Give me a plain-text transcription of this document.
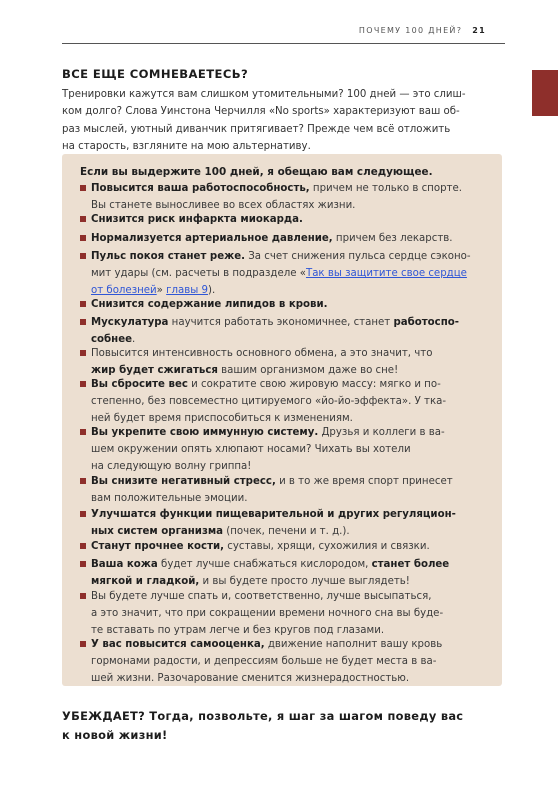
ПОЧЕМУ 100 ДНЕЙ? 21
ВСЕ ЕЩЕ СОМНЕВАЕТЕСЬ?
Тренировки кажутся вам слишком утомительными? 100 дней — это слиш-
ком долго? Слова Уинстона Черчилля «No sports» характеризуют ваш об-
раз мыслей, уютный диванчик притягивает? Прежде чем всё отложить
на старость, взгляните на мою альтернативу.
Если вы выдержите 100 дней, я обещаю вам следующее.
Повысится ваша работоспособность, причем не только в спорте.
Вы станете выносливее во всех областях жизни.
Снизится риск инфаркта миокарда.
Нормализуется артериальное давление, причем без лекарств.
Пульс покоя станет реже. За счет снижения пульса сердце сэконо-
мит удары (см. расчеты в подразделе «Так вы защитите свое сердце
от болезней» главы 9).
Снизится содержание липидов в крови.
Мускулатура научится работать экономичнее, станет работоспо-
собнее.
Повысится интенсивность основного обмена, а это значит, что
жир будет сжигаться вашим организмом даже во сне!
Вы сбросите вес и сократите свою жировую массу: мягко и по-
степенно, без повсеместно цитируемого «йо-йо-эффекта». У тка-
ней будет время приспособиться к изменениям.
Вы укрепите свою иммунную систему. Друзья и коллеги в ва-
шем окружении опять хлюпают носами? Чихать вы хотели
на следующую волну гриппа!
Вы снизите негативный стресс, и в то же время спорт принесет
вам положительные эмоции.
Улучшатся функции пищеварительной и других регуляцион-
ных систем организма (почек, печени и т. д.).
Станут прочнее кости, суставы, хрящи, сухожилия и связки.
Ваша кожа будет лучше снабжаться кислородом, станет более
мягкой и гладкой, и вы будете просто лучше выглядеть!
Вы будете лучше спать и, соответственно, лучше высыпаться,
а это значит, что при сокращении времени ночного сна вы буде-
те вставать по утрам легче и без кругов под глазами.
У вас повысится самооценка, движение наполнит вашу кровь
гормонами радости, и депрессиям больше не будет места в ва-
шей жизни. Разочарование сменится жизнерадостностью.
УБЕЖДАЕТ? Тогда, позвольте, я шаг за шагом поведу вас
к новой жизни!
